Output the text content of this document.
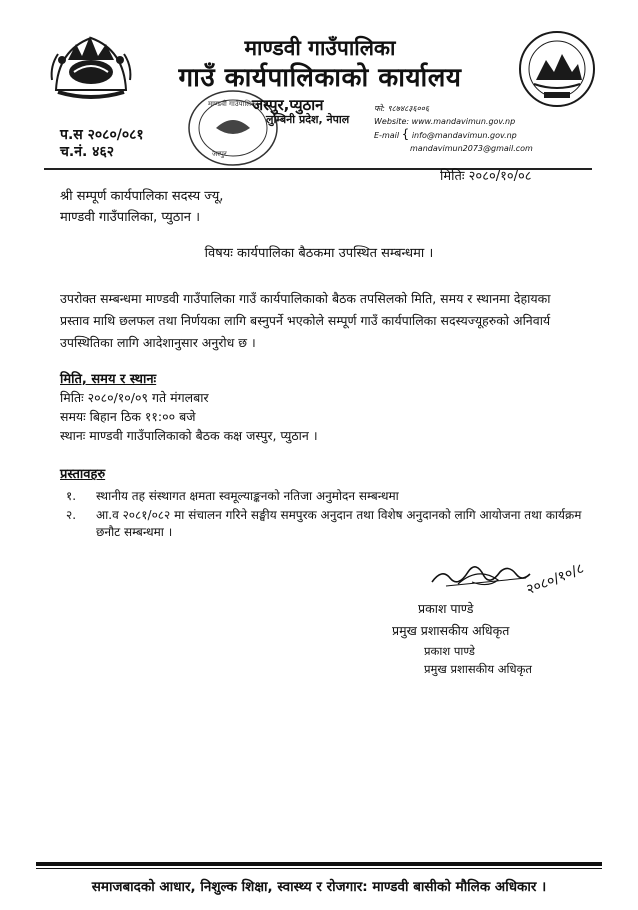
माण्डवी गाउँपालिका
गाउँ कार्यपालिकाको कार्यालय
माण्डवी गाउँपालिका
जस्पुर
जस्पुर,प्युठान
लुम्बिनी प्रदेश, नेपाल
फो: ९८७४८३६००६
Website: www.mandavimun.gov.np
E-mail { info@mandavimun.gov.np
mandavimun2073@gmail.com
प.स २०८०/०८१
च.नं. ४६२
मितिः २०८०/१०/०८
श्री सम्पूर्ण कार्यपालिका सदस्य ज्यू,
माण्डवी गाउँपालिका, प्युठान ।
विषयः कार्यपालिका बैठकमा उपस्थित सम्बन्धमा ।
उपरोक्त सम्बन्धमा माण्डवी गाउँपालिका गाउँ कार्यपालिकाको बैठक तपसिलको मिति, समय र स्थानमा देहायका प्रस्ताव माथि छलफल तथा निर्णयका लागि बस्नुपर्ने भएकोले सम्पूर्ण गाउँ कार्यपालिका सदस्यज्यूहरुको अनिवार्य उपस्थितिका लागि आदेशानुसार अनुरोध छ ।
मिति, समय र स्थानः
मितिः २०८०/१०/०९ गते मंगलबार
समयः बिहान ठिक ११:०० बजे
स्थानः माण्डवी गाउँपालिकाको बैठक कक्ष जस्पुर, प्युठान ।
प्रस्तावहरु
१. स्थानीय तह संस्थागत क्षमता स्वमूल्याङ्कनको नतिजा अनुमोदन सम्बन्धमा
२. आ.व २०८१/०८२ मा संचालन गरिने सङ्घीय समपुरक अनुदान तथा विशेष अनुदानको लागि आयोजना तथा कार्यक्रम छनौट सम्बन्धमा ।
२०८०/१०/८
प्रकाश पाण्डे
प्रमुख प्रशासकीय अधिकृत
प्रकाश पाण्डे
प्रमुख प्रशासकीय अधिकृत
समाजबादको आधार, निशुल्क शिक्षा, स्वास्थ्य र रोजगार: माण्डवी बासीको मौलिक अधिकार ।
